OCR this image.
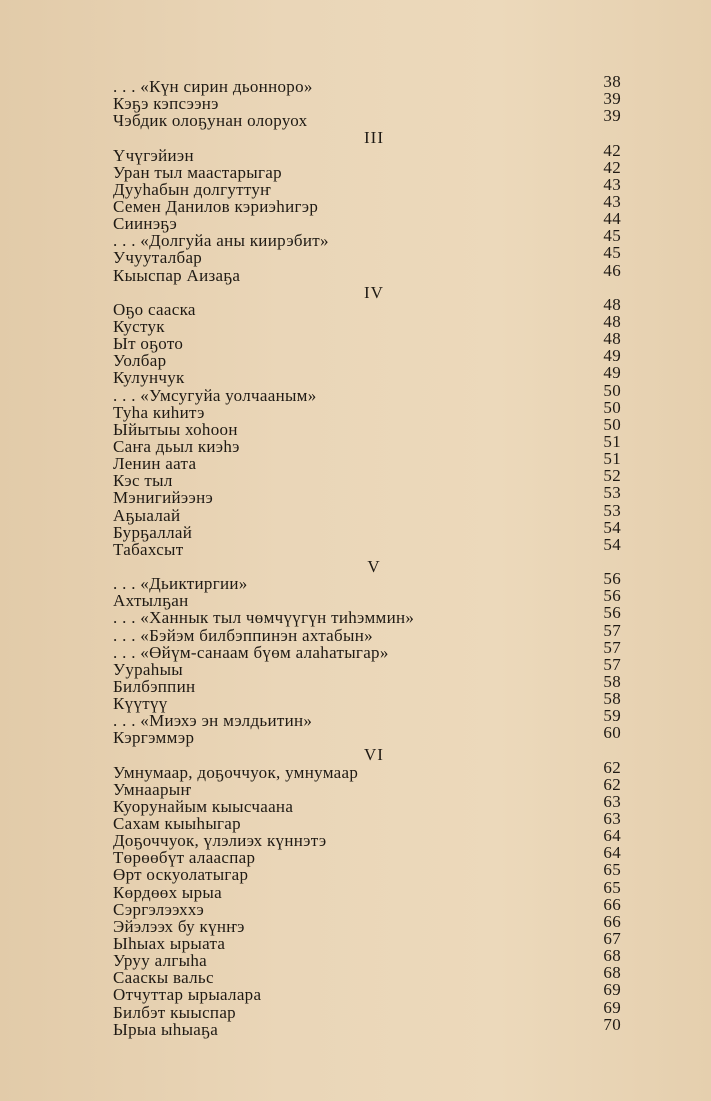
. . . «Күн сирин дьонноро»	38
Кэҕэ кэпсээнэ	39
Чэбдик олоҕунан олоруох	39
III
Үчүгэйиэн	42
Уран тыл маастарыгар	42
Дууһабын долгуттуҥ	43
Семен Данилов кэриэһигэр	43
Сиинэҕэ	44
. . . «Долгуйа аны киирэбит»	45
Учууталбар	45
Кыыспар Аизаҕа	46
IV
Оҕо сааска	48
Кустук	48
Ыт оҕото	48
Уолбар	49
Кулунчук	49
. . . «Умсугуйа уолчааным»	50
Туһа киһитэ	50
Ыйытыы хоһоон	50
Саҥа дьыл киэһэ	51
Ленин аата	51
Кэс тыл	52
Мэнигийээнэ	53
Аҕыалай	53
Бурҕаллай	54
Табахсыт	54
V
. . . «Дьиктиргии»	56
Ахтылҕан	56
. . . «Ханнык тыл чөмчүүгүн тиһэммин»	56
. . . «Бэйэм билбэппинэн ахтабын»	57
. . . «Өйүм-санаам бүөм алаһатыгар»	57
Уураһыы	57
Билбэппин	58
Күүтүү	58
. . . «Миэхэ эн мэлдьитин»	59
Кэргэммэр	60
VI
Умнумаар, доҕоччуок, умнумаар	62
Умнаарыҥ	62
Куорунайым кыысчаана	63
Сахам кыыһыгар	63
Доҕоччуок, үлэлиэх күннэтэ	64
Төрөөбүт алааспар	64
Өрт оскуолатыгар	65
Көрдөөх ырыа	65
Сэргэлээххэ	66
Эйэлээх бу күнҥэ	66
Ыһыах ырыата	67
Уруу алгыһа	68
Сааскы вальс	68
Отчуттар ырыалара	69
Билбэт кыыспар	69
Ырыа ыһыаҕа	70
